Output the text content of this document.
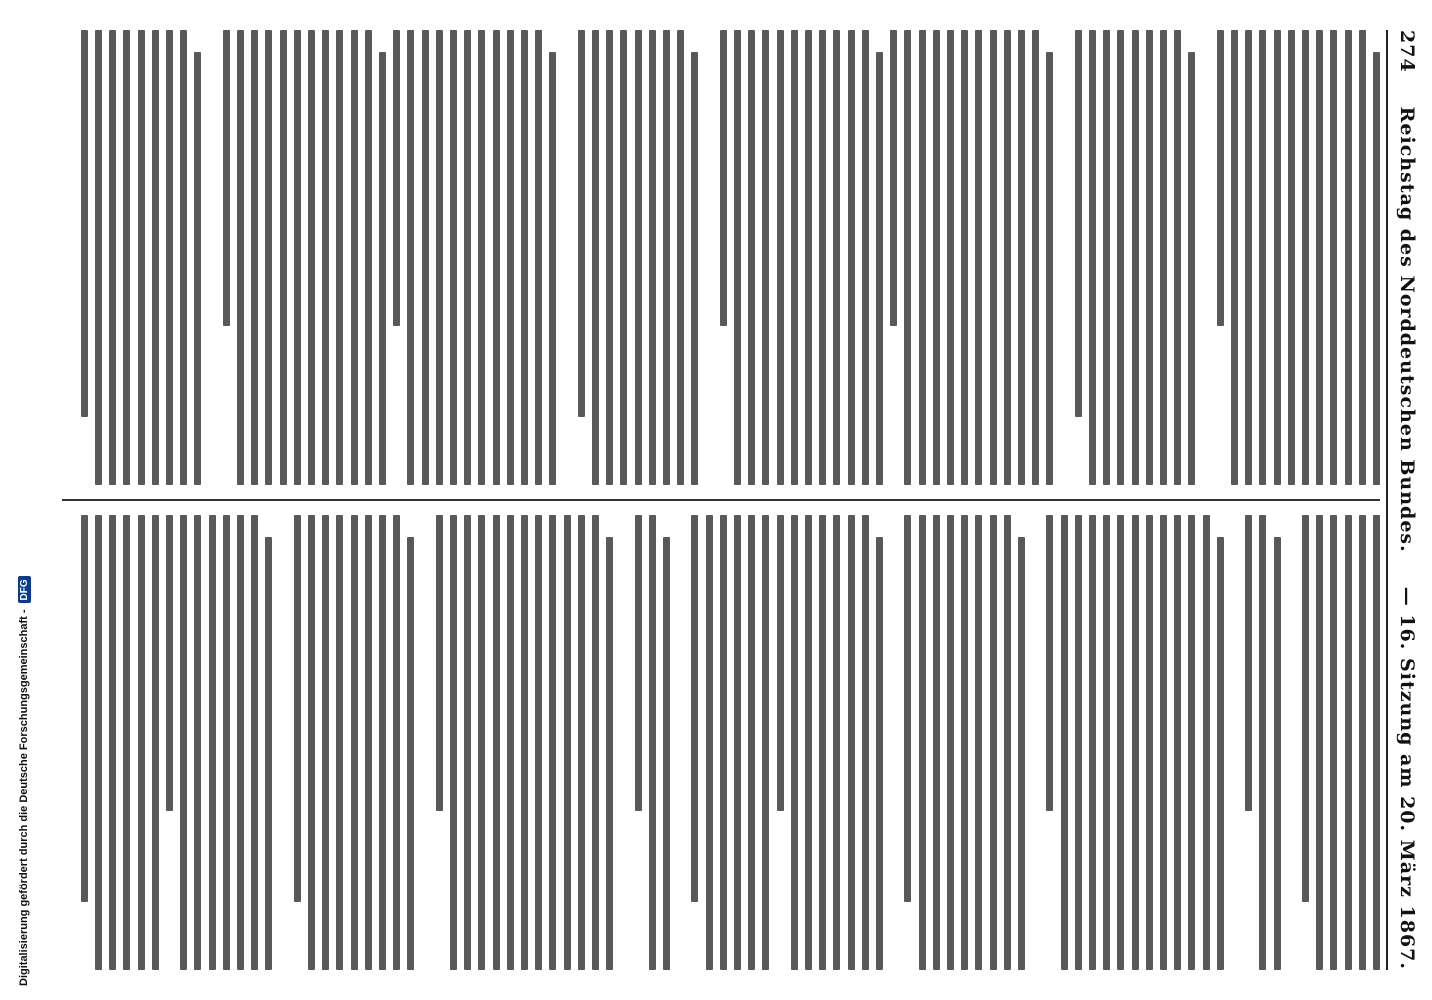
274
Reichstag des Norddeutschen Bundes.
— 16. Sitzung am 20. März 1867.
Digitalisierung gefördert durch die Deutsche Forschungsgemeinschaft -
DFG
